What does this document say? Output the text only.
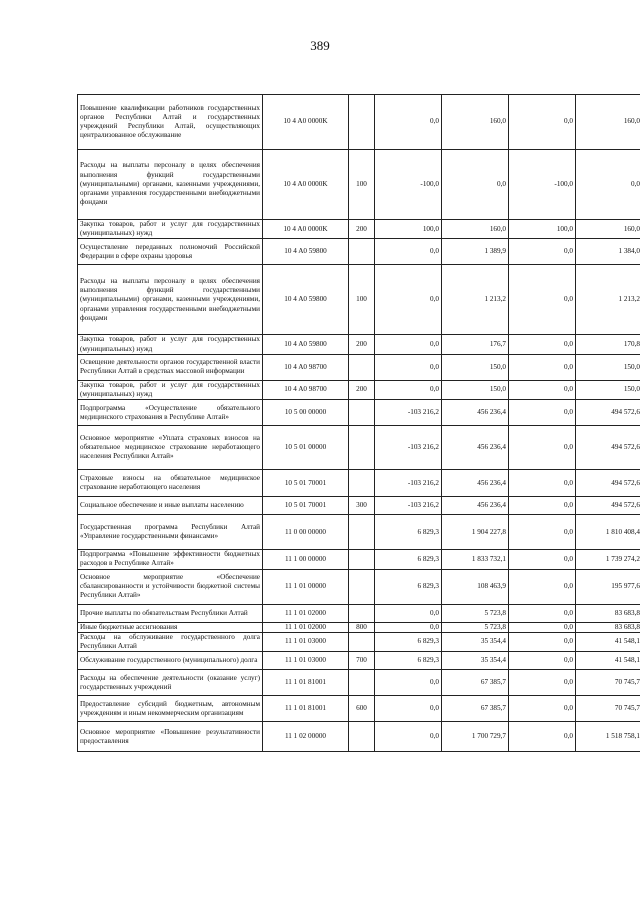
389
Повышение квалификации работников государственных органов Республики Алтай и государственных учреждений Республики Алтай, осуществляющих централизованное обслуживание	10 4 A0 0000K		0,0	160,0	0,0	160,0
Расходы на выплаты персоналу в целях обеспечения выполнения функций государственными (муниципальными) органами, казенными учреждениями, органами управления государственными внебюджетными фондами	10 4 A0 0000K	100	-100,0	0,0	-100,0	0,0
Закупка товаров, работ и услуг для государственных (муниципальных) нужд	10 4 A0 0000K	200	100,0	160,0	100,0	160,0
Осуществление переданных полномочий Российской Федерации в сфере охраны здоровья	10 4 A0 59800		0,0	1 389,9	0,0	1 384,0
Расходы на выплаты персоналу в целях обеспечения выполнения функций государственными (муниципальными) органами, казенными учреждениями, органами управления государственными внебюджетными фондами	10 4 A0 59800	100	0,0	1 213,2	0,0	1 213,2
Закупка товаров, работ и услуг для государственных (муниципальных) нужд	10 4 A0 59800	200	0,0	176,7	0,0	170,8
Освещение деятельности органов государственной власти Республики Алтай в средствах массовой информации	10 4 A0 98700		0,0	150,0	0,0	150,0
Закупка товаров, работ и услуг для государственных (муниципальных) нужд	10 4 A0 98700	200	0,0	150,0	0,0	150,0
Подпрограмма «Осуществление обязательного медицинского страхования в Республике Алтай»	10 5 00 00000		-103 216,2	456 236,4	0,0	494 572,6
Основное мероприятие «Уплата страховых взносов на обязательное медицинское страхование неработающего населения Республики Алтай»	10 5 01 00000		-103 216,2	456 236,4	0,0	494 572,6
Страховые взносы на обязательное медицинское страхование неработающего населения	10 5 01 70001		-103 216,2	456 236,4	0,0	494 572,6
Социальное обеспечение и иные выплаты населению	10 5 01 70001	300	-103 216,2	456 236,4	0,0	494 572,6
Государственная программа Республики Алтай «Управление государственными финансами»	11 0 00 00000		6 829,3	1 904 227,8	0,0	1 810 408,4
Подпрограмма «Повышение эффективности бюджетных расходов в Республике Алтай»	11 1 00 00000		6 829,3	1 833 732,1	0,0	1 739 274,2
Основное мероприятие «Обеспечение сбалансированности и устойчивости бюджетной системы Республики Алтай»	11 1 01 00000		6 829,3	108 463,9	0,0	195 977,6
Прочие выплаты по обязательствам Республики Алтай	11 1 01 02000		0,0	5 723,8	0,0	83 683,8
Иные бюджетные ассигнования	11 1 01 02000	800	0,0	5 723,8	0,0	83 683,8
Расходы на обслуживание государственного долга Республики Алтай	11 1 01 03000		6 829,3	35 354,4	0,0	41 548,1
Обслуживание государственного (муниципального) долга	11 1 01 03000	700	6 829,3	35 354,4	0,0	41 548,1
Расходы на обеспечение деятельности (оказание услуг) государственных учреждений	11 1 01 81001		0,0	67 385,7	0,0	70 745,7
Предоставление субсидий бюджетным, автономным учреждениям и иным некоммерческим организациям	11 1 01 81001	600	0,0	67 385,7	0,0	70 745,7
Основное мероприятие «Повышение результативности предоставления	11 1 02 00000		0,0	1 700 729,7	0,0	1 518 758,1
